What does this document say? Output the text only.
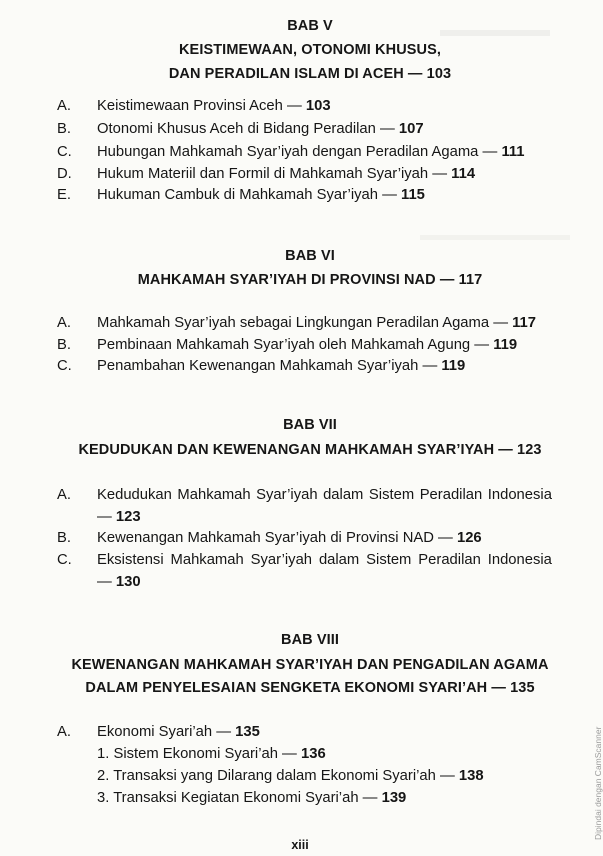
BAB V
KEISTIMEWAAN, OTONOMI KHUSUS,
DAN PERADILAN ISLAM DI ACEH — 103
A. Keistimewaan Provinsi Aceh — 103
B. Otonomi Khusus Aceh di Bidang Peradilan — 107
C. Hubungan Mahkamah Syar’iyah dengan Peradilan Agama — 111
D. Hukum Materiil dan Formil di Mahkamah Syar’iyah — 114
E. Hukuman Cambuk di Mahkamah Syar’iyah — 115
BAB VI
MAHKAMAH SYAR’IYAH DI PROVINSI NAD — 117
A. Mahkamah Syar’iyah sebagai Lingkungan Peradilan Agama — 117
B. Pembinaan Mahkamah Syar’iyah oleh Mahkamah Agung — 119
C. Penambahan Kewenangan Mahkamah Syar’iyah — 119
BAB VII
KEDUDUKAN DAN KEWENANGAN MAHKAMAH SYAR’IYAH — 123
A. Kedudukan Mahkamah Syar’iyah dalam Sistem Peradilan Indonesia
— 123
B. Kewenangan Mahkamah Syar’iyah di Provinsi NAD — 126
C. Eksistensi Mahkamah Syar’iyah dalam Sistem Peradilan Indonesia
— 130
BAB VIII
KEWENANGAN MAHKAMAH SYAR’IYAH DAN PENGADILAN AGAMA
DALAM PENYELESAIAN SENGKETA EKONOMI SYARI’AH — 135
A. Ekonomi Syari’ah — 135
1. Sistem Ekonomi Syari’ah — 136
2. Transaksi yang Dilarang dalam Ekonomi Syari’ah — 138
3. Transaksi Kegiatan Ekonomi Syari’ah — 139
xiii
Dipindai dengan CamScanner
